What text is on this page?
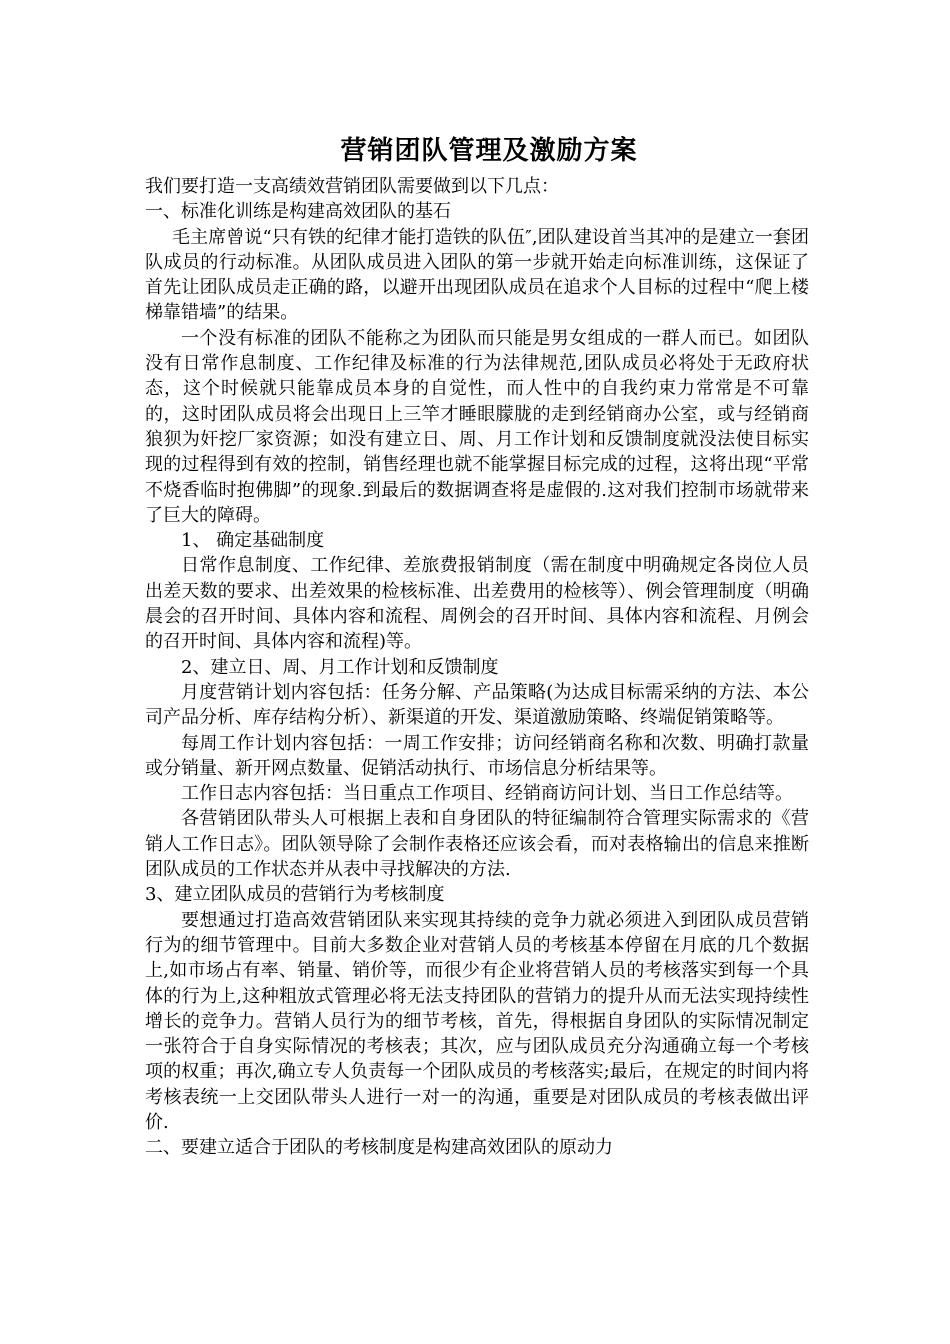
营销团队管理及激励方案

我们要打造一支高绩效营销团队需要做到以下几点：

一、标准化训练是构建高效团队的基石

毛主席曾说“只有铁的纪律才能打造铁的队伍″,团队建设首当其冲的是建立一套团队成员的行动标准。从团队成员进入团队的第一步就开始走向标准训练，这保证了首先让团队成员走正确的路，以避开出现团队成员在追求个人目标的过程中“爬上楼梯靠错墙”的结果。

一个没有标准的团队不能称之为团队而只能是男女组成的一群人而已。如团队没有日常作息制度、工作纪律及标准的行为法律规范,团队成员必将处于无政府状态，这个时候就只能靠成员本身的自觉性，而人性中的自我约束力常常是不可靠的，这时团队成员将会出现日上三竿才睡眼朦胧的走到经销商办公室，或与经销商狼狈为奸挖厂家资源；如没有建立日、周、月工作计划和反馈制度就没法使目标实现的过程得到有效的控制，销售经理也就不能掌握目标完成的过程，这将出现“平常不烧香临时抱佛脚”的现象.到最后的数据调查将是虚假的.这对我们控制市场就带来了巨大的障碍。

1、 确定基础制度

日常作息制度、工作纪律、差旅费报销制度（需在制度中明确规定各岗位人员出差天数的要求、出差效果的检核标准、出差费用的检核等）、例会管理制度（明确晨会的召开时间、具体内容和流程、周例会的召开时间、具体内容和流程、月例会的召开时间、具体内容和流程)等。

2、建立日、周、月工作计划和反馈制度

月度营销计划内容包括：任务分解、产品策略(为达成目标需采纳的方法、本公司产品分析、库存结构分析）、新渠道的开发、渠道激励策略、终端促销策略等。

每周工作计划内容包括：一周工作安排；访问经销商名称和次数、明确打款量或分销量、新开网点数量、促销活动执行、市场信息分析结果等。

工作日志内容包括：当日重点工作项目、经销商访问计划、当日工作总结等。

各营销团队带头人可根据上表和自身团队的特征编制符合管理实际需求的《营销人工作日志》。团队领导除了会制作表格还应该会看，而对表格输出的信息来推断团队成员的工作状态并从表中寻找解决的方法.

3、建立团队成员的营销行为考核制度

要想通过打造高效营销团队来实现其持续的竞争力就必须进入到团队成员营销行为的细节管理中。目前大多数企业对营销人员的考核基本停留在月底的几个数据上,如市场占有率、销量、销价等，而很少有企业将营销人员的考核落实到每一个具体的行为上,这种粗放式管理必将无法支持团队的营销力的提升从而无法实现持续性增长的竞争力。营销人员行为的细节考核，首先，得根据自身团队的实际情况制定一张符合于自身实际情况的考核表；其次，应与团队成员充分沟通确立每一个考核项的权重；再次,确立专人负责每一个团队成员的考核落实;最后，在规定的时间内将考核表统一上交团队带头人进行一对一的沟通，重要是对团队成员的考核表做出评价.

二、要建立适合于团队的考核制度是构建高效团队的原动力
